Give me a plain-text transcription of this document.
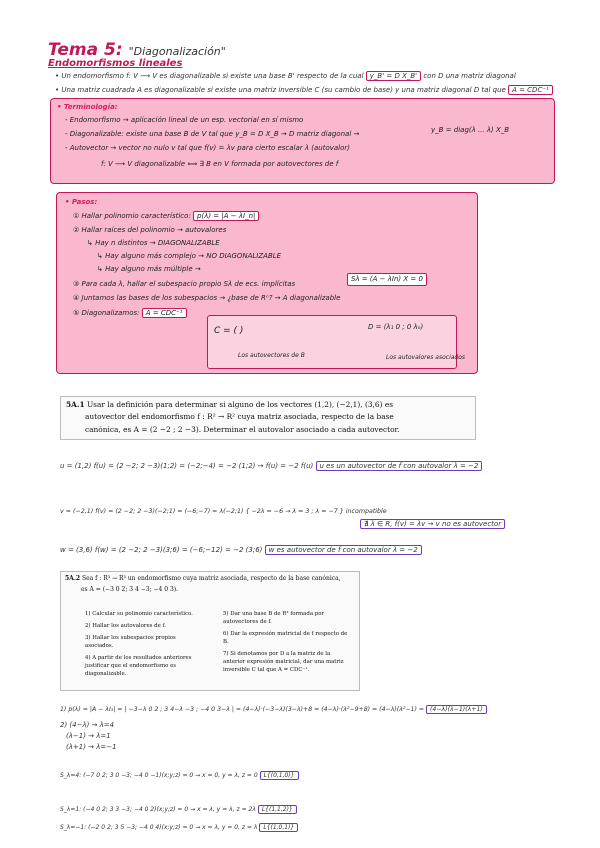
Tema 5: "Diagonalización"
Endomorfismos lineales
• Un endomorfismo f: V ⟶ V es diagonalizable si existe una base B' respecto de la cual y_B' = D X_B' con D una matriz diagonal
• Una matriz cuadrada A es diagonalizable si existe una matriz inversible C (su cambio de base) y una matriz diagonal D tal que A = CDC⁻¹
• Terminología:
- Endomorfismo → aplicación lineal de un esp. vectorial en sí mismo
- Diagonalizable: existe una base B de V tal que y_B = D X_B → D matriz diagonal →
- Autovector → vector no nulo v tal que f(v) = λv para cierto escalar λ (autovalor)
f: V ⟶ V diagonalizable ⟺ ∃ B en V formada por autovectores de f
y_B = diag(λ ... λ) X_B
• Pasos:
① Hallar polinomio característico: p(λ) = |A − λI_n|
② Hallar raíces del polinomio → autovalores
↳ Hay n distintos → DIAGONALIZABLE
↳ Hay alguno más complejo → NO DIAGONALIZABLE
↳ Hay alguno más múltiple →
③ Para cada λ, hallar el subespacio propio Sλ de ecs. implícitas
Sλ = (A − λIn) X = 0
④ Juntamos las bases de los subespacios → ¿base de Rⁿ? → A diagonalizable
⑤ Diagonalizamos: A = CDC⁻¹
C = ( )	D = (λ₁ 0 ; 0 λₙ)
Los autovectores de B	Los autovalores asociados
5A.1 Usar la definición para determinar si alguno de los vectores (1,2), (−2,1), (3,6) es
autovector del endomorfismo f : R² → R² cuya matriz asociada, respecto de la base
canónica, es A = (2 −2 ; 2 −3). Determinar el autovalor asociado a cada autovector.
u = (1,2) f(u) = (2 −2; 2 −3)(1;2) = (−2;−4) = −2 (1;2) → f(u) = −2 f(u) u es un autovector de f con autovalor λ = −2
v = (−2,1) f(v) = (2 −2; 2 −3)(−2;1) = (−6;−7) = λ(−2;1) { −2λ = −6 → λ = 3 ; λ = −7 } incompatible
∄ λ ∈ R, f(v) = λv → v no es autovector
w = (3,6) f(w) = (2 −2; 2 −3)(3;6) = (−6;−12) = −2 (3;6) w es autovector de f con autovalor λ = −2
5A.2 Sea f : R³ → R³ un endomorfismo cuya matriz asociada, respecto de la base canónica,
es A = (−3 0 2; 3 4 −3; −4 0 3).
1) Calcular su polinomio característico.
2) Hallar los autovalores de f.
3) Hallar los subespacios propios asociados.
4) A partir de los resultados anteriores justificar que el endomorfismo es diagonalizable.
5) Dar una base B de R³ formada por autovectores de f.
6) Dar la expresión matricial de f respecto de B.
7) Si denotamos por D a la matriz de la anterior expresión matricial, dar una matriz inversible C tal que A = CDC⁻¹.
1) p(λ) = |A − λI₃| = | −3−λ 0 2 ; 3 4−λ −3 ; −4 0 3−λ | = (4−λ)·(−3−λ)(3−λ)+8 = (4−λ)·(λ²−9+8) = (4−λ)(λ²−1) = (4−λ)(λ−1)(λ+1)
2) (4−λ) → λ=4
(λ−1) → λ=1
(λ+1) → λ=−1
S_λ=4: (−7 0 2; 3 0 −3; −4 0 −1)(x;y;z) = 0 → x = 0, y = λ, z = 0 L{(0,1,0)}
S_λ=1: (−4 0 2; 3 3 −3; −4 0 2)(x;y;z) = 0 → x = λ, y = λ, z = 2λ L{(1,1,2)}
S_λ=−1: (−2 0 2; 3 5 −3; −4 0 4)(x;y;z) = 0 → x = λ, y = 0, z = λ L{(1,0,1)}
